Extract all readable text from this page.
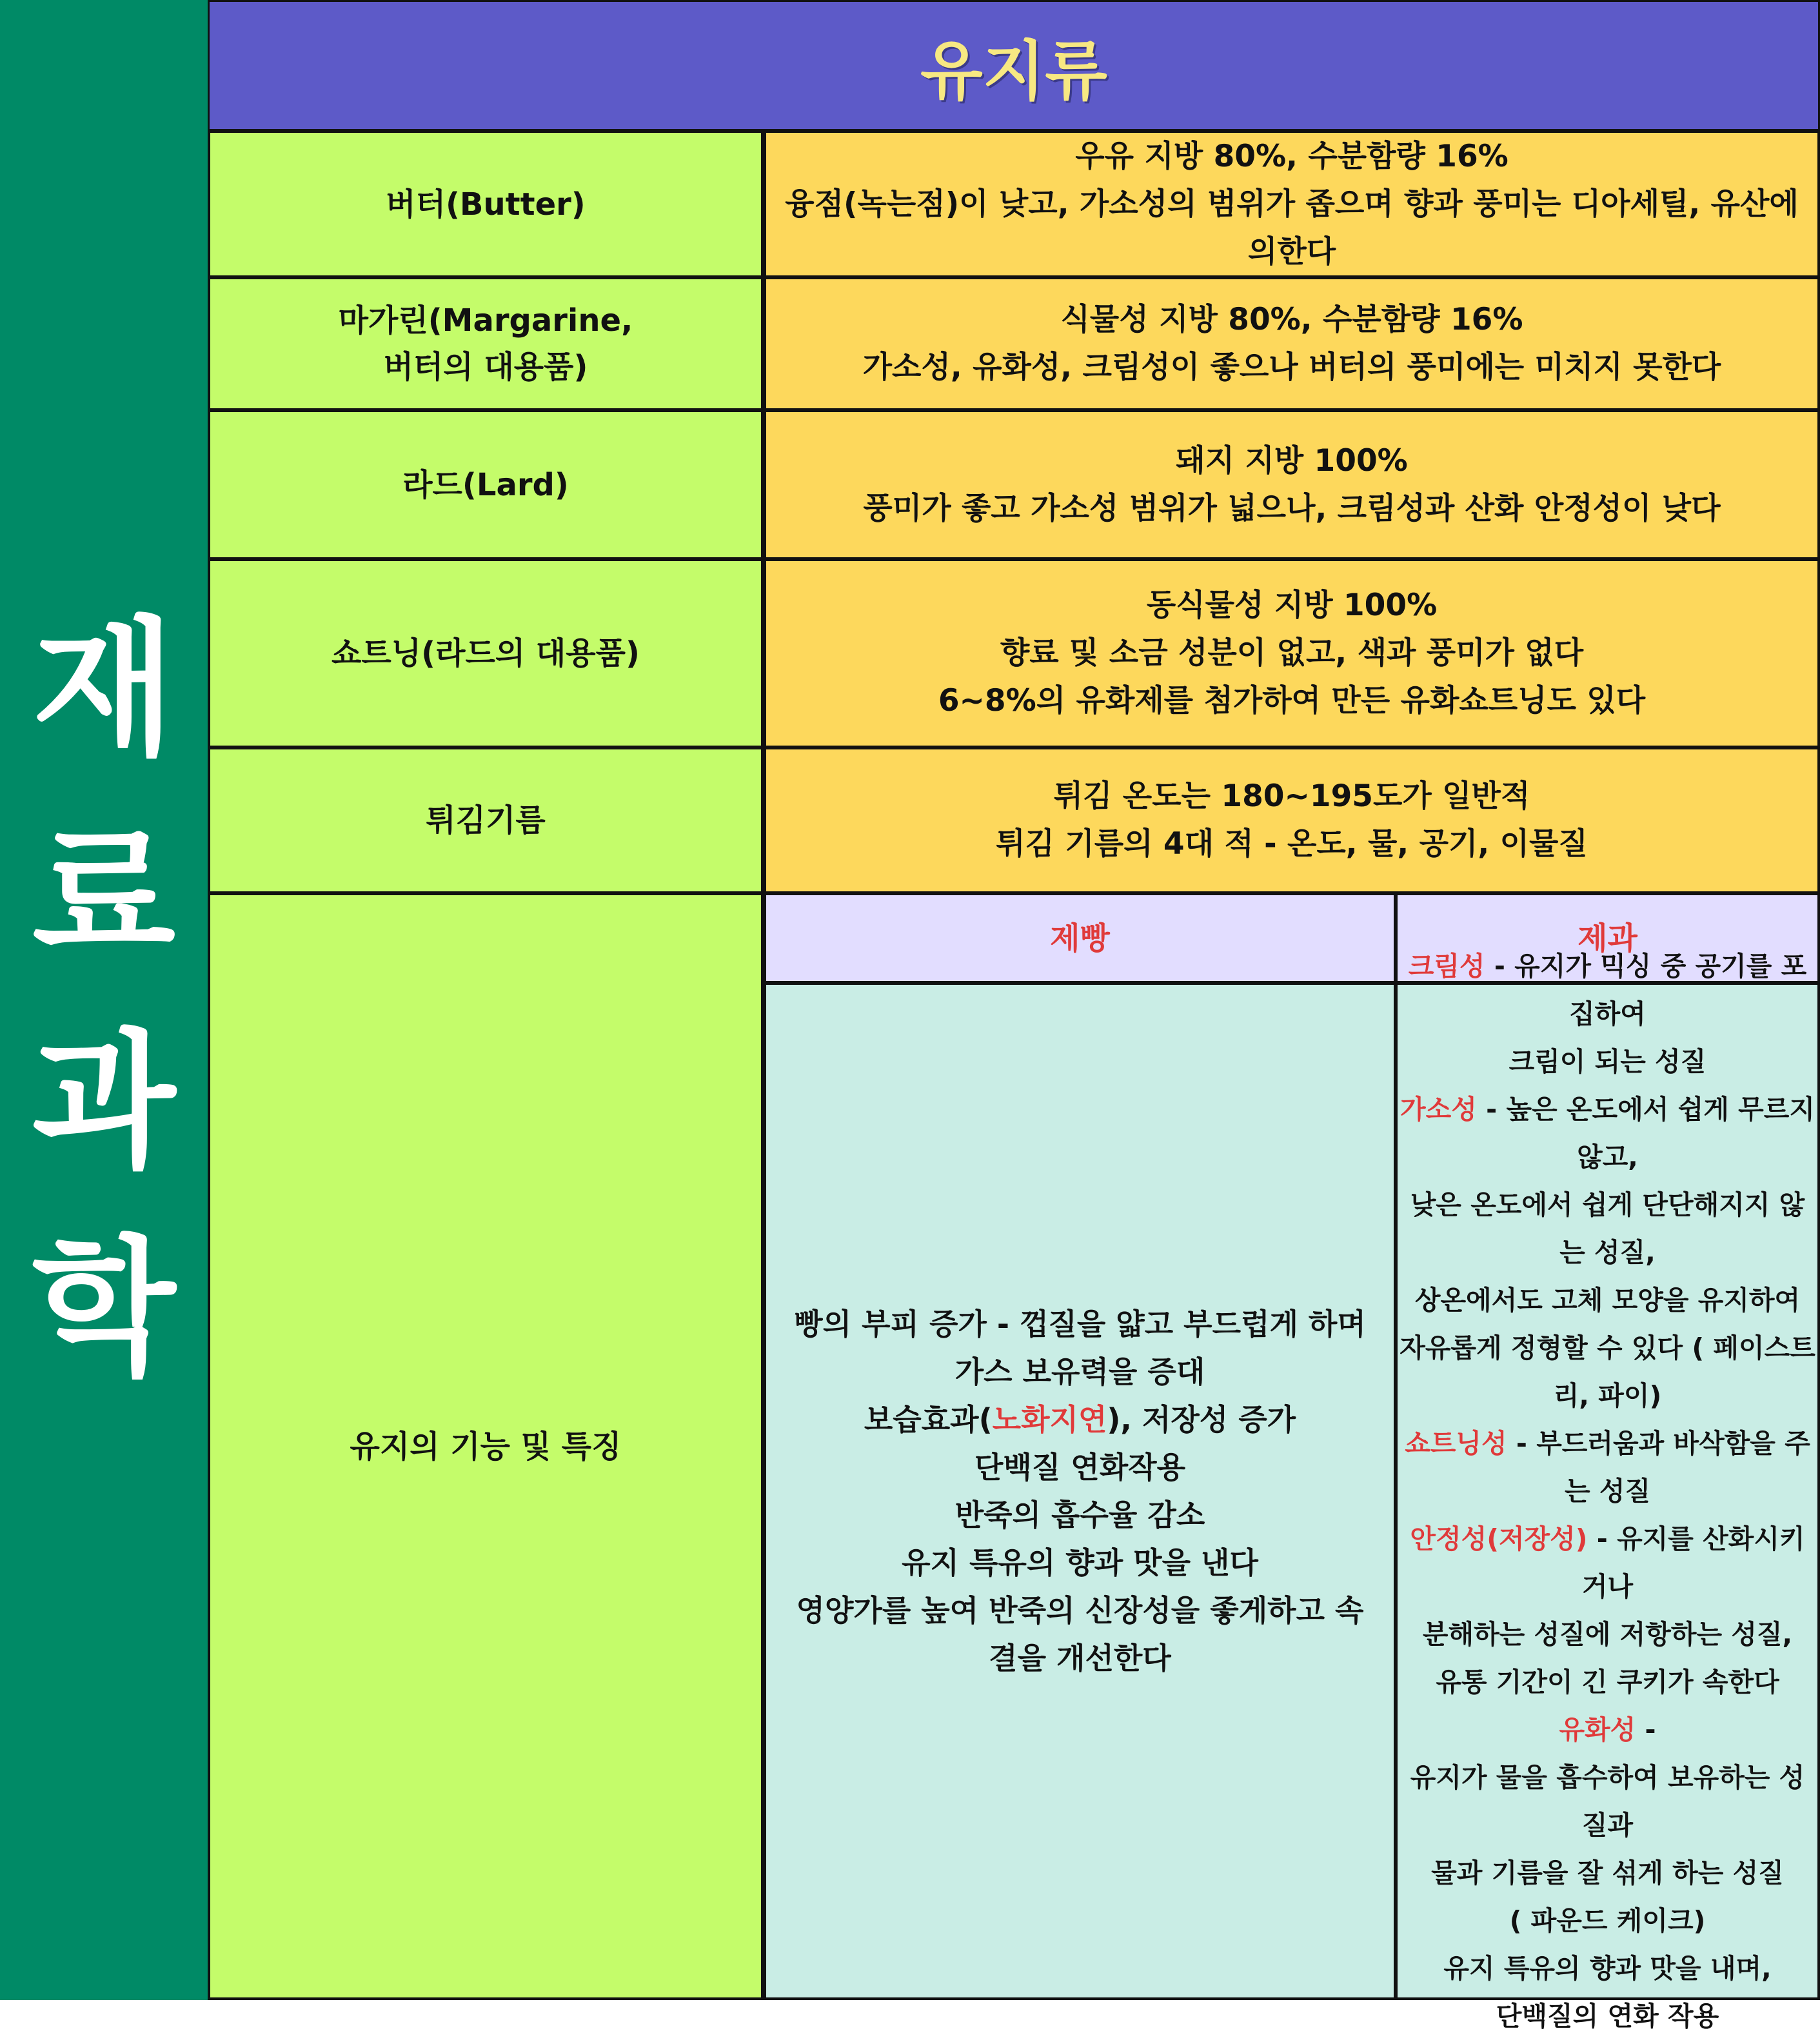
재
료
과
학
유지류
버터(Butter)

우유 지방 80%, 수분함량 16%

융점(녹는점)이 낮고, 가소성의 범위가 좁으며 향과 풍미는 디아세틸, 유산에 의한다

마가린(Margarine,

버터의 대용품)

식물성 지방 80%, 수분함량 16%

가소성, 유화성, 크림성이 좋으나 버터의 풍미에는 미치지 못한다

라드(Lard)

돼지 지방 100%

풍미가 좋고 가소성 범위가 넓으나, 크림성과 산화 안정성이 낮다

쇼트닝(라드의 대용품)

동식물성 지방 100%

향료 및 소금 성분이 없고, 색과 풍미가 없다

6~8%의 유화제를 첨가하여 만든 유화쇼트닝도 있다

튀김기름

튀김 온도는 180~195도가 일반적

튀김 기름의 4대 적 - 온도, 물, 공기, 이물질

유지의 기능 및 특징
제빵	제과

빵의 부피 증가 - 껍질을 얇고 부드럽게 하며

가스 보유력을 증대

보습효과(노화지연), 저장성 증가

단백질 연화작용

반죽의 흡수율 감소

유지 특유의 향과 맛을 낸다

영양가를 높여 반죽의 신장성을 좋게하고 속

결을 개선한다

크림성 - 유지가 믹싱 중 공기를 포집하여

크림이 되는 성질

가소성 - 높은 온도에서 쉽게 무르지 않고,

낮은 온도에서 쉽게 단단해지지 않는 성질,

상온에서도 고체 모양을 유지하여

자유롭게 정형할 수 있다 ( 페이스트리, 파이)

쇼트닝성 - 부드러움과 바삭함을 주는 성질

안정성(저장성) - 유지를 산화시키거나

분해하는 성질에 저항하는 성질,

유통 기간이 긴 쿠키가 속한다

유화성 -

유지가 물을 흡수하여 보유하는 성질과

물과 기름을 잘 섞게 하는 성질

( 파운드 케이크)

유지 특유의 향과 맛을 내며,

단백질의 연화 작용
